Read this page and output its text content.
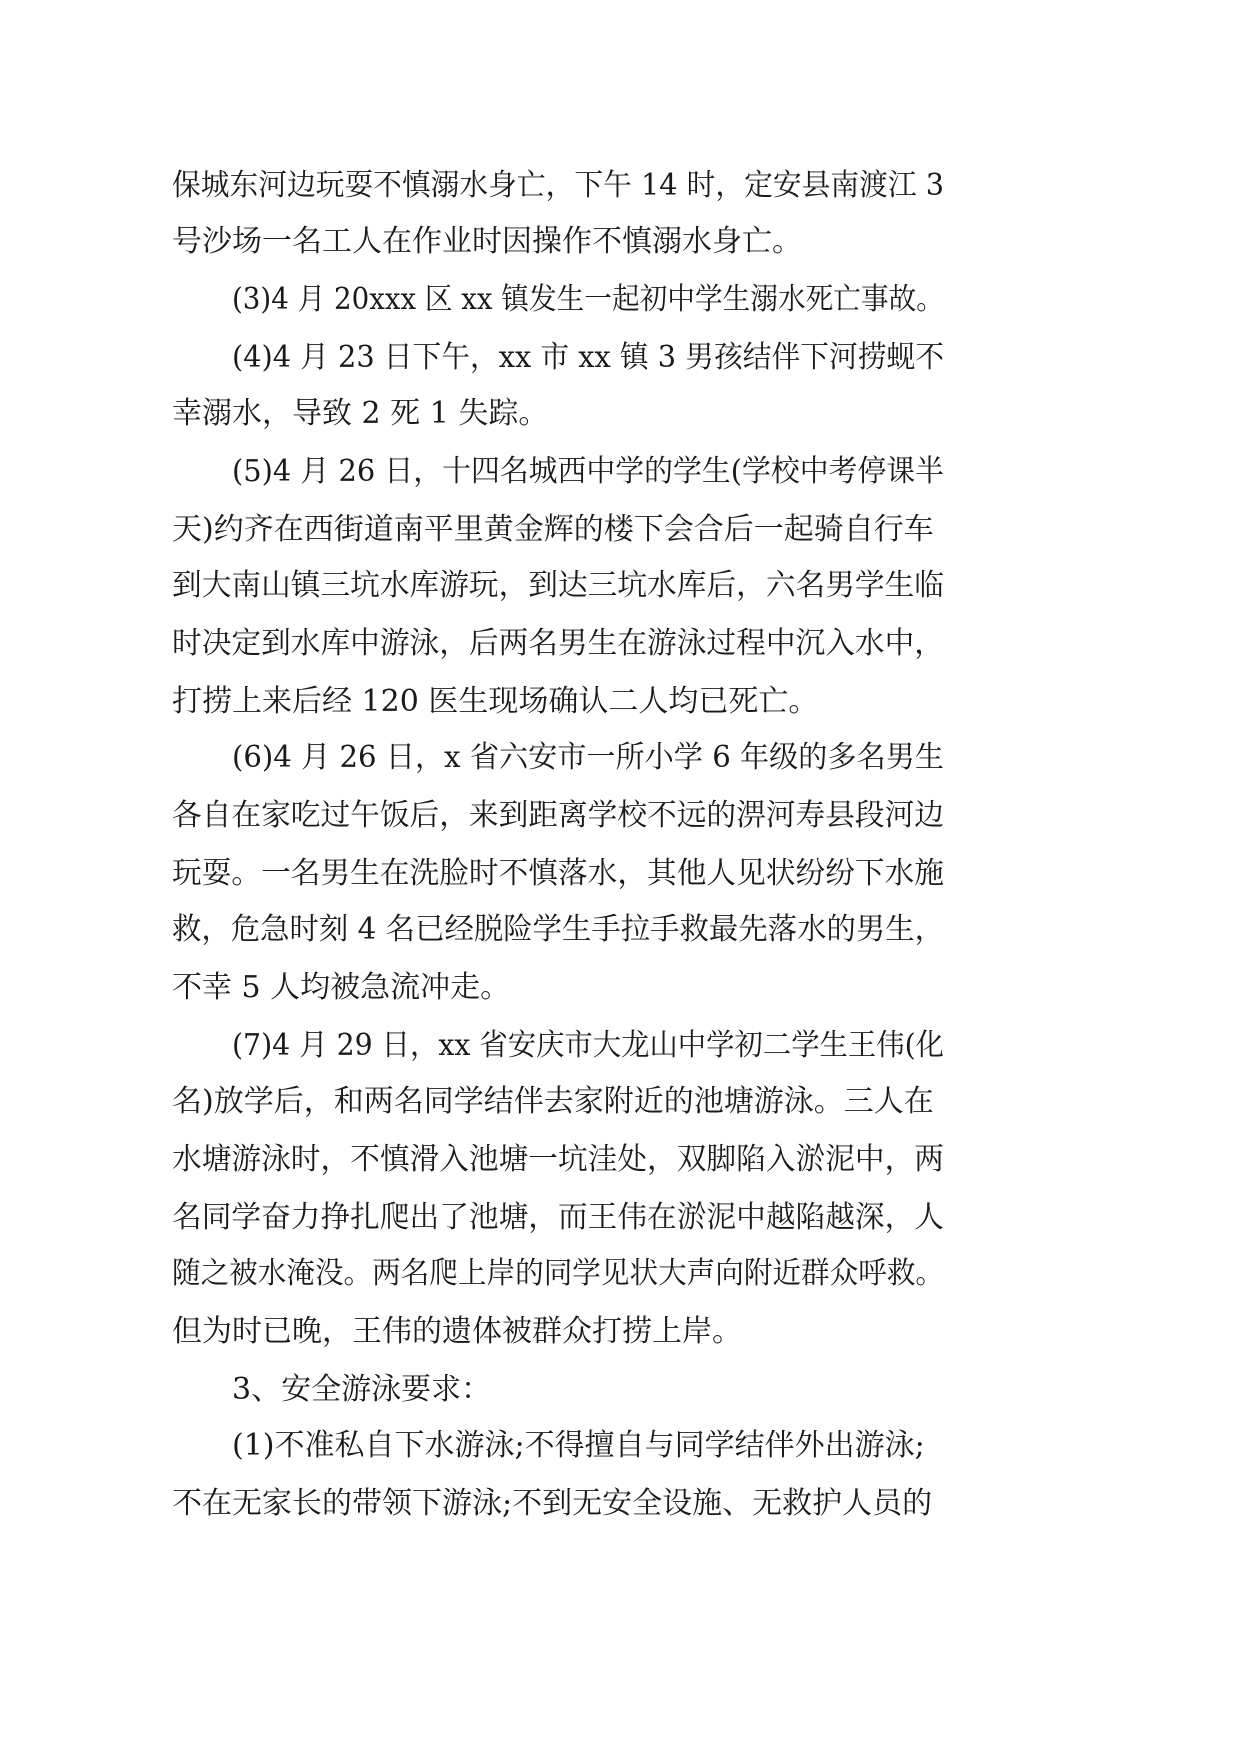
保城东河边玩耍不慎溺水身亡，下午 14 时，定安县南渡江 3
号沙场一名工人在作业时因操作不慎溺水身亡。
(3)4 月 20xxx 区 xx 镇发生一起初中学生溺水死亡事故。
(4)4 月 23 日下午，xx 市 xx 镇 3 男孩结伴下河捞蚬不
幸溺水，导致 2 死 1 失踪。
(5)4 月 26 日，十四名城西中学的学生(学校中考停课半
天)约齐在西街道南平里黄金辉的楼下会合后一起骑自行车
到大南山镇三坑水库游玩，到达三坑水库后，六名男学生临
时决定到水库中游泳，后两名男生在游泳过程中沉入水中，
打捞上来后经 120 医生现场确认二人均已死亡。
(6)4 月 26 日，x 省六安市一所小学 6 年级的多名男生
各自在家吃过午饭后，来到距离学校不远的淠河寿县段河边
玩耍。一名男生在洗脸时不慎落水，其他人见状纷纷下水施
救，危急时刻 4 名已经脱险学生手拉手救最先落水的男生，
不幸 5 人均被急流冲走。
(7)4 月 29 日，xx 省安庆市大龙山中学初二学生王伟(化
名)放学后，和两名同学结伴去家附近的池塘游泳。三人在
水塘游泳时，不慎滑入池塘一坑洼处，双脚陷入淤泥中，两
名同学奋力挣扎爬出了池塘，而王伟在淤泥中越陷越深，人
随之被水淹没。两名爬上岸的同学见状大声向附近群众呼救。
但为时已晚，王伟的遗体被群众打捞上岸。
3、安全游泳要求：
(1)不准私自下水游泳;不得擅自与同学结伴外出游泳;
不在无家长的带领下游泳;不到无安全设施、无救护人员的
